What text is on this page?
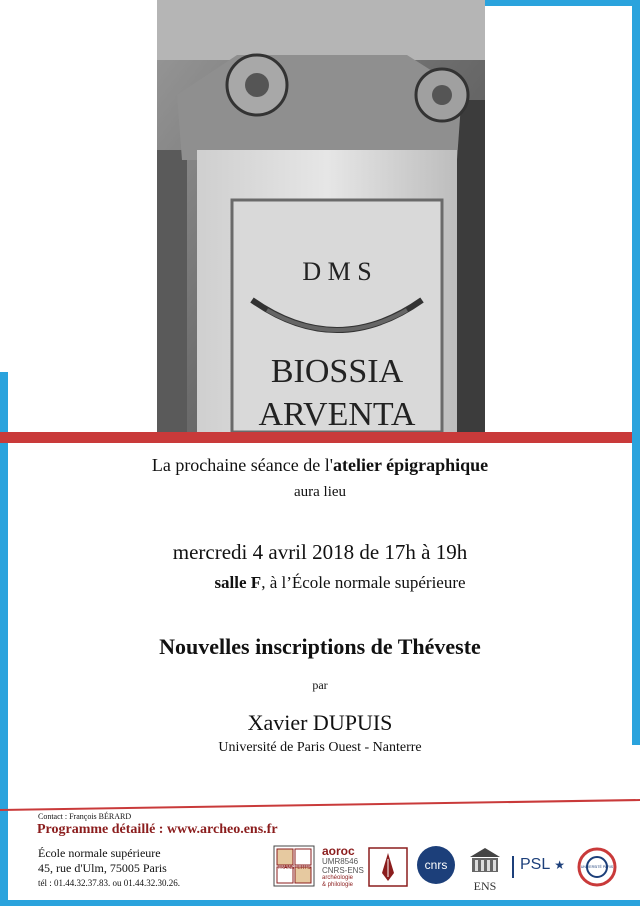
D M S
BIOSSIA
ARVENTA
La prochaine séance de l'atelier épigraphique
aura lieu
mercredi 4 avril 2018 de 17h à 19h
salle F, à l’École normale supérieure
Nouvelles inscriptions de Théveste
par
Xavier DUPUIS
Université de Paris Ouest - Nanterre
Contact : François BÉRARD
Programme détaillé : www.archeo.ens.fr
École normale supérieure
45, rue d'Ulm, 75005 Paris
tél : 01.44.32.37.83. ou 01.44.32.30.26.
TRANSFERTS
aoroc
UMR8546
CNRS-ENS
archéologie
& philologie
cnrs
ENS
PSL ★	UNIVERSITÉ PARIS
